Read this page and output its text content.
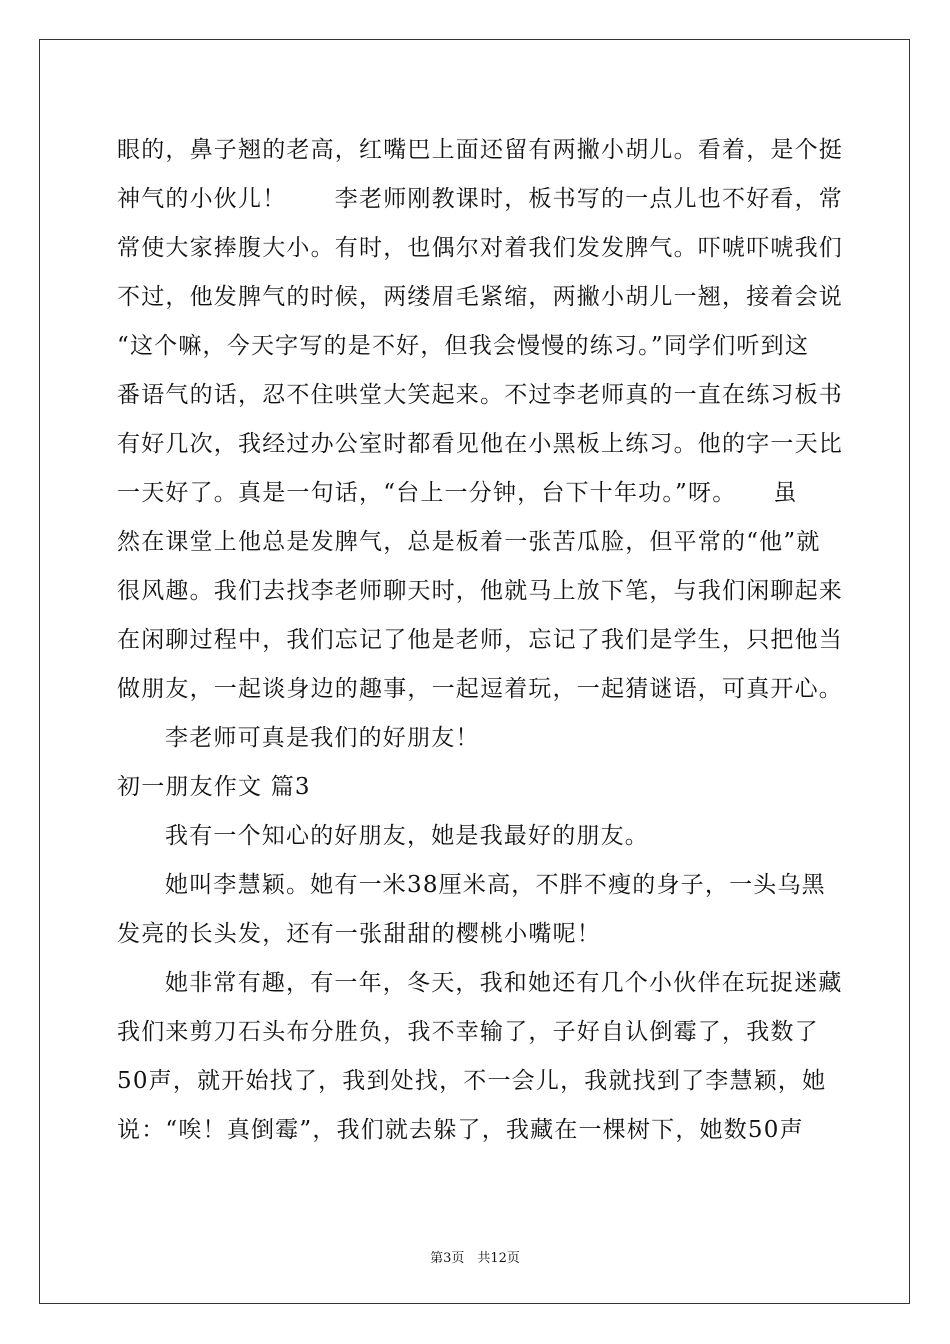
眼的，鼻子翘的老高，红嘴巴上面还留有两撇小胡儿。看着，是个挺
神气的小伙儿！　　李老师刚教课时，板书写的一点儿也不好看，常
常使大家捧腹大小。有时，也偶尔对着我们发发脾气。吓唬吓唬我们
不过，他发脾气的时候，两缕眉毛紧缩，两撇小胡儿一翘，接着会说
“这个嘛，今天字写的是不好，但我会慢慢的练习。”同学们听到这
番语气的话，忍不住哄堂大笑起来。不过李老师真的一直在练习板书
有好几次，我经过办公室时都看见他在小黑板上练习。他的字一天比
一天好了。真是一句话，“台上一分钟，台下十年功。”呀。　　虽
然在课堂上他总是发脾气，总是板着一张苦瓜脸，但平常的“他”就
很风趣。我们去找李老师聊天时，他就马上放下笔，与我们闲聊起来
在闲聊过程中，我们忘记了他是老师，忘记了我们是学生，只把他当
做朋友，一起谈身边的趣事，一起逗着玩，一起猜谜语，可真开心。
李老师可真是我们的好朋友！
初一朋友作文 篇3
我有一个知心的好朋友，她是我最好的朋友。
她叫李慧颖。她有一米38厘米高，不胖不瘦的身子，一头乌黑
发亮的长头发，还有一张甜甜的樱桃小嘴呢！
她非常有趣，有一年，冬天，我和她还有几个小伙伴在玩捉迷藏
我们来剪刀石头布分胜负，我不幸输了，子好自认倒霉了，我数了
50声，就开始找了，我到处找，不一会儿，我就找到了李慧颖，她
说：“唉！真倒霉”，我们就去躲了，我藏在一棵树下，她数50声
第3页　共12页
